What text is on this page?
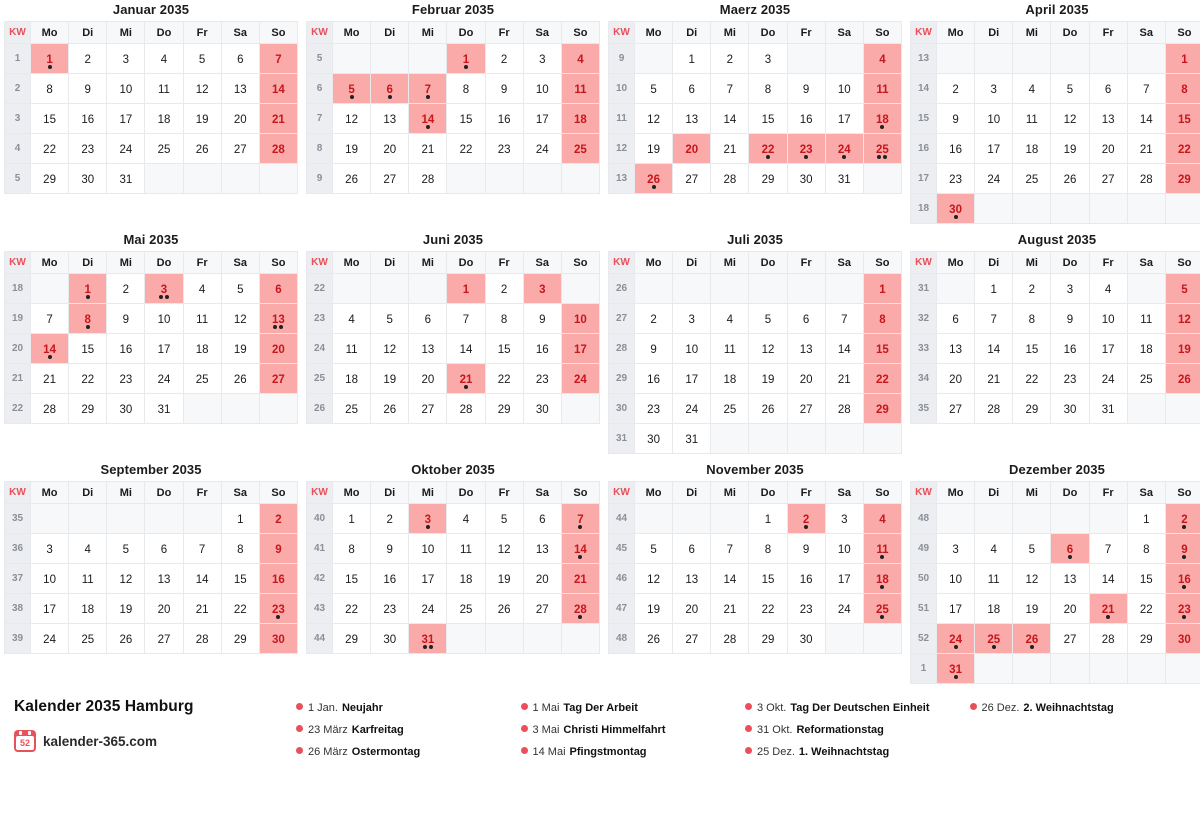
Januar 2035
KW	Mo	Di	Mi	Do	Fr	Sa	So
1	1	2	3	4	5	6	7

2	8	9	10	11	12	13	14

3	15	16	17	18	19	20	21

4	22	23	24	25	26	27	28

5	29	30	31				

Februar 2035
KW	Mo	Di	Mi	Do	Fr	Sa	So
5				1	2	3	4

6	5	6	7	8	9	10	11

7	12	13	14	15	16	17	18

8	19	20	21	22	23	24	25

9	26	27	28				

Maerz 2035
KW	Mo	Di	Mi	Do	Fr	Sa	So
9		1	2	3			4

10	5	6	7	8	9	10	11

11	12	13	14	15	16	17	18

12	19	20	21	22	23	24	25

13	26	27	28	29	30	31	

April 2035
KW	Mo	Di	Mi	Do	Fr	Sa	So
13							1

14	2	3	4	5	6	7	8

15	9	10	11	12	13	14	15

16	16	17	18	19	20	21	22

17	23	24	25	26	27	28	29

18	30						

Mai 2035
KW	Mo	Di	Mi	Do	Fr	Sa	So
18		1	2	3	4	5	6

19	7	8	9	10	11	12	13

20	14	15	16	17	18	19	20

21	21	22	23	24	25	26	27

22	28	29	30	31			

Juni 2035
KW	Mo	Di	Mi	Do	Fr	Sa	So
22				1	2	3	

23	4	5	6	7	8	9	10

24	11	12	13	14	15	16	17

25	18	19	20	21	22	23	24

26	25	26	27	28	29	30	

Juli 2035
KW	Mo	Di	Mi	Do	Fr	Sa	So
26							1

27	2	3	4	5	6	7	8

28	9	10	11	12	13	14	15

29	16	17	18	19	20	21	22

30	23	24	25	26	27	28	29

31	30	31					

August 2035
KW	Mo	Di	Mi	Do	Fr	Sa	So
31		1	2	3	4		5

32	6	7	8	9	10	11	12

33	13	14	15	16	17	18	19

34	20	21	22	23	24	25	26

35	27	28	29	30	31		

September 2035
KW	Mo	Di	Mi	Do	Fr	Sa	So
35						1	2

36	3	4	5	6	7	8	9

37	10	11	12	13	14	15	16

38	17	18	19	20	21	22	23

39	24	25	26	27	28	29	30
Oktober 2035
KW	Mo	Di	Mi	Do	Fr	Sa	So
40	1	2	3	4	5	6	7

41	8	9	10	11	12	13	14

42	15	16	17	18	19	20	21

43	22	23	24	25	26	27	28

44	29	30	31				

November 2035
KW	Mo	Di	Mi	Do	Fr	Sa	So
44				1	2	3	4

45	5	6	7	8	9	10	11

46	12	13	14	15	16	17	18

47	19	20	21	22	23	24	25

48	26	27	28	29	30		

Dezember 2035
KW	Mo	Di	Mi	Do	Fr	Sa	So
48						1	2

49	3	4	5	6	7	8	9

50	10	11	12	13	14	15	16

51	17	18	19	20	21	22	23

52	24	25	26	27	28	29	30

1	31						

Kalender 2035 Hamburg
52
kalender-365.com
1 Jan. Neujahr	1 Mai Tag Der Arbeit	3 Okt. Tag Der Deutschen Einheit	26 Dez. 2. Weihnachtstag
23 März Karfreitag	3 Mai Christi Himmelfahrt	31 Okt. Reformationstag
26 März Ostermontag	14 Mai Pfingstmontag	25 Dez. 1. Weihnachtstag
